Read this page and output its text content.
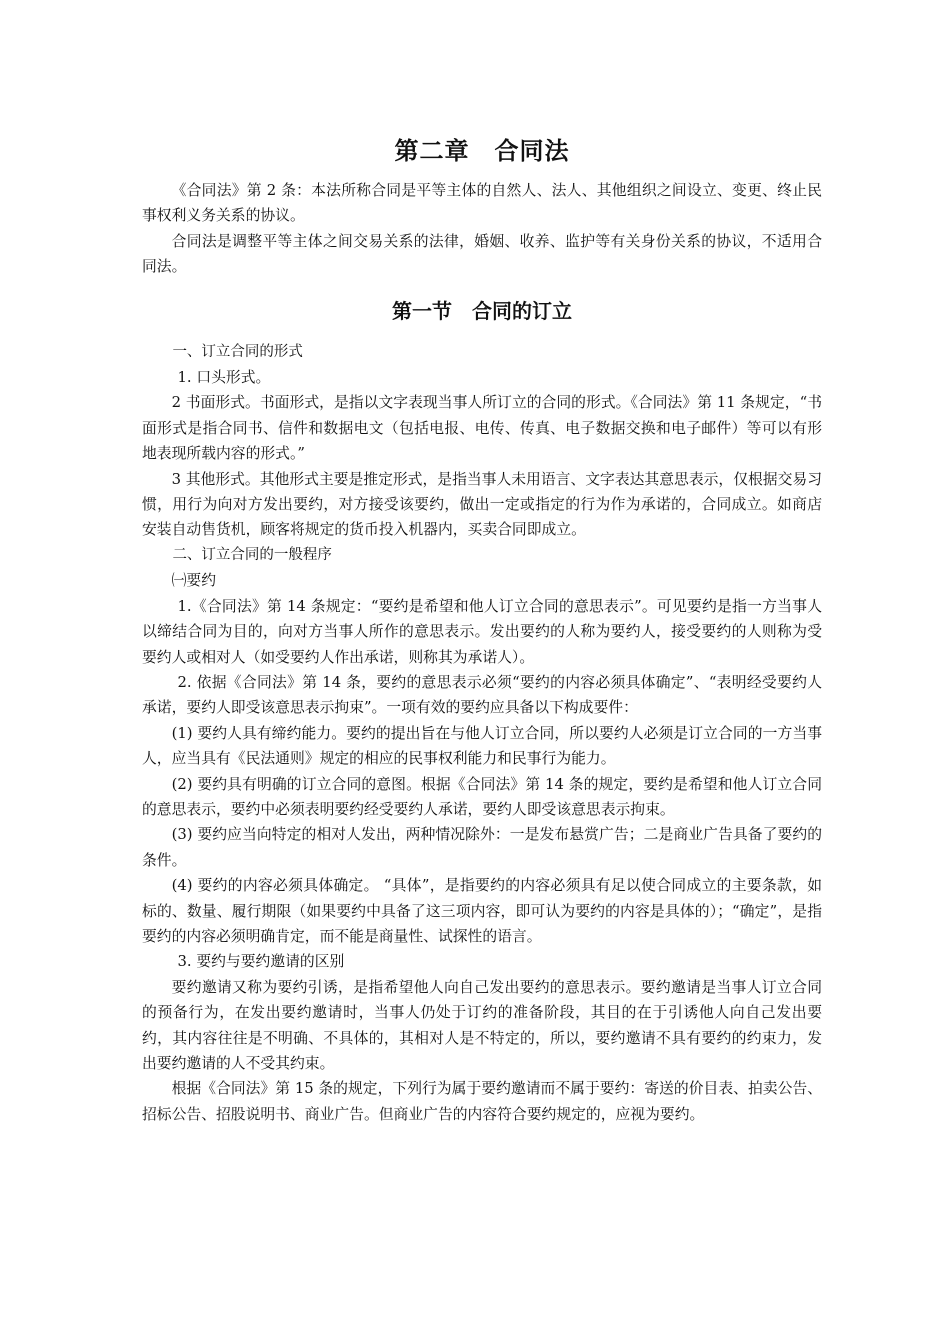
第二章　合同法

《合同法》第 2 条：本法所称合同是平等主体的自然人、法人、其他组织之间设立、变更、终止民事权利义务关系的协议。

合同法是调整平等主体之间交易关系的法律，婚姻、收养、监护等有关身份关系的协议，不适用合同法。

第一节　合同的订立

一、订立合同的形式

1. 口头形式。

2 书面形式。书面形式，是指以文字表现当事人所订立的合同的形式。《合同法》第 11 条规定，“书面形式是指合同书、信件和数据电文（包括电报、电传、传真、电子数据交换和电子邮件）等可以有形地表现所载内容的形式。”

3 其他形式。其他形式主要是推定形式，是指当事人未用语言、文字表达其意思表示，仅根据交易习惯，用行为向对方发出要约，对方接受该要约，做出一定或指定的行为作为承诺的，合同成立。如商店安装自动售货机，顾客将规定的货币投入机器内，买卖合同即成立。

二、订立合同的一般程序

㈠要约

1.《合同法》第 14 条规定：“要约是希望和他人订立合同的意思表示”。可见要约是指一方当事人以缔结合同为目的，向对方当事人所作的意思表示。发出要约的人称为要约人，接受要约的人则称为受要约人或相对人（如受要约人作出承诺，则称其为承诺人）。

2. 依据《合同法》第 14 条，要约的意思表示必须“要约的内容必须具体确定”、“表明经受要约人承诺，要约人即受该意思表示拘束”。一项有效的要约应具备以下构成要件：

(1) 要约人具有缔约能力。要约的提出旨在与他人订立合同，所以要约人必须是订立合同的一方当事人，应当具有《民法通则》规定的相应的民事权利能力和民事行为能力。

(2) 要约具有明确的订立合同的意图。根据《合同法》第 14 条的规定，要约是希望和他人订立合同的意思表示，要约中必须表明要约经受要约人承诺，要约人即受该意思表示拘束。

(3) 要约应当向特定的相对人发出，两种情况除外：一是发布悬赏广告；二是商业广告具备了要约的条件。

(4) 要约的内容必须具体确定。 “具体”，是指要约的内容必须具有足以使合同成立的主要条款，如标的、数量、履行期限（如果要约中具备了这三项内容，即可认为要约的内容是具体的）；“确定”，是指要约的内容必须明确肯定，而不能是商量性、试探性的语言。

3. 要约与要约邀请的区别

要约邀请又称为要约引诱，是指希望他人向自己发出要约的意思表示。要约邀请是当事人订立合同的预备行为，在发出要约邀请时，当事人仍处于订约的准备阶段，其目的在于引诱他人向自己发出要约，其内容往往是不明确、不具体的，其相对人是不特定的，所以，要约邀请不具有要约的约束力，发出要约邀请的人不受其约束。

根据《合同法》第 15 条的规定，下列行为属于要约邀请而不属于要约：寄送的价目表、拍卖公告、招标公告、招股说明书、商业广告。但商业广告的内容符合要约规定的，应视为要约。
